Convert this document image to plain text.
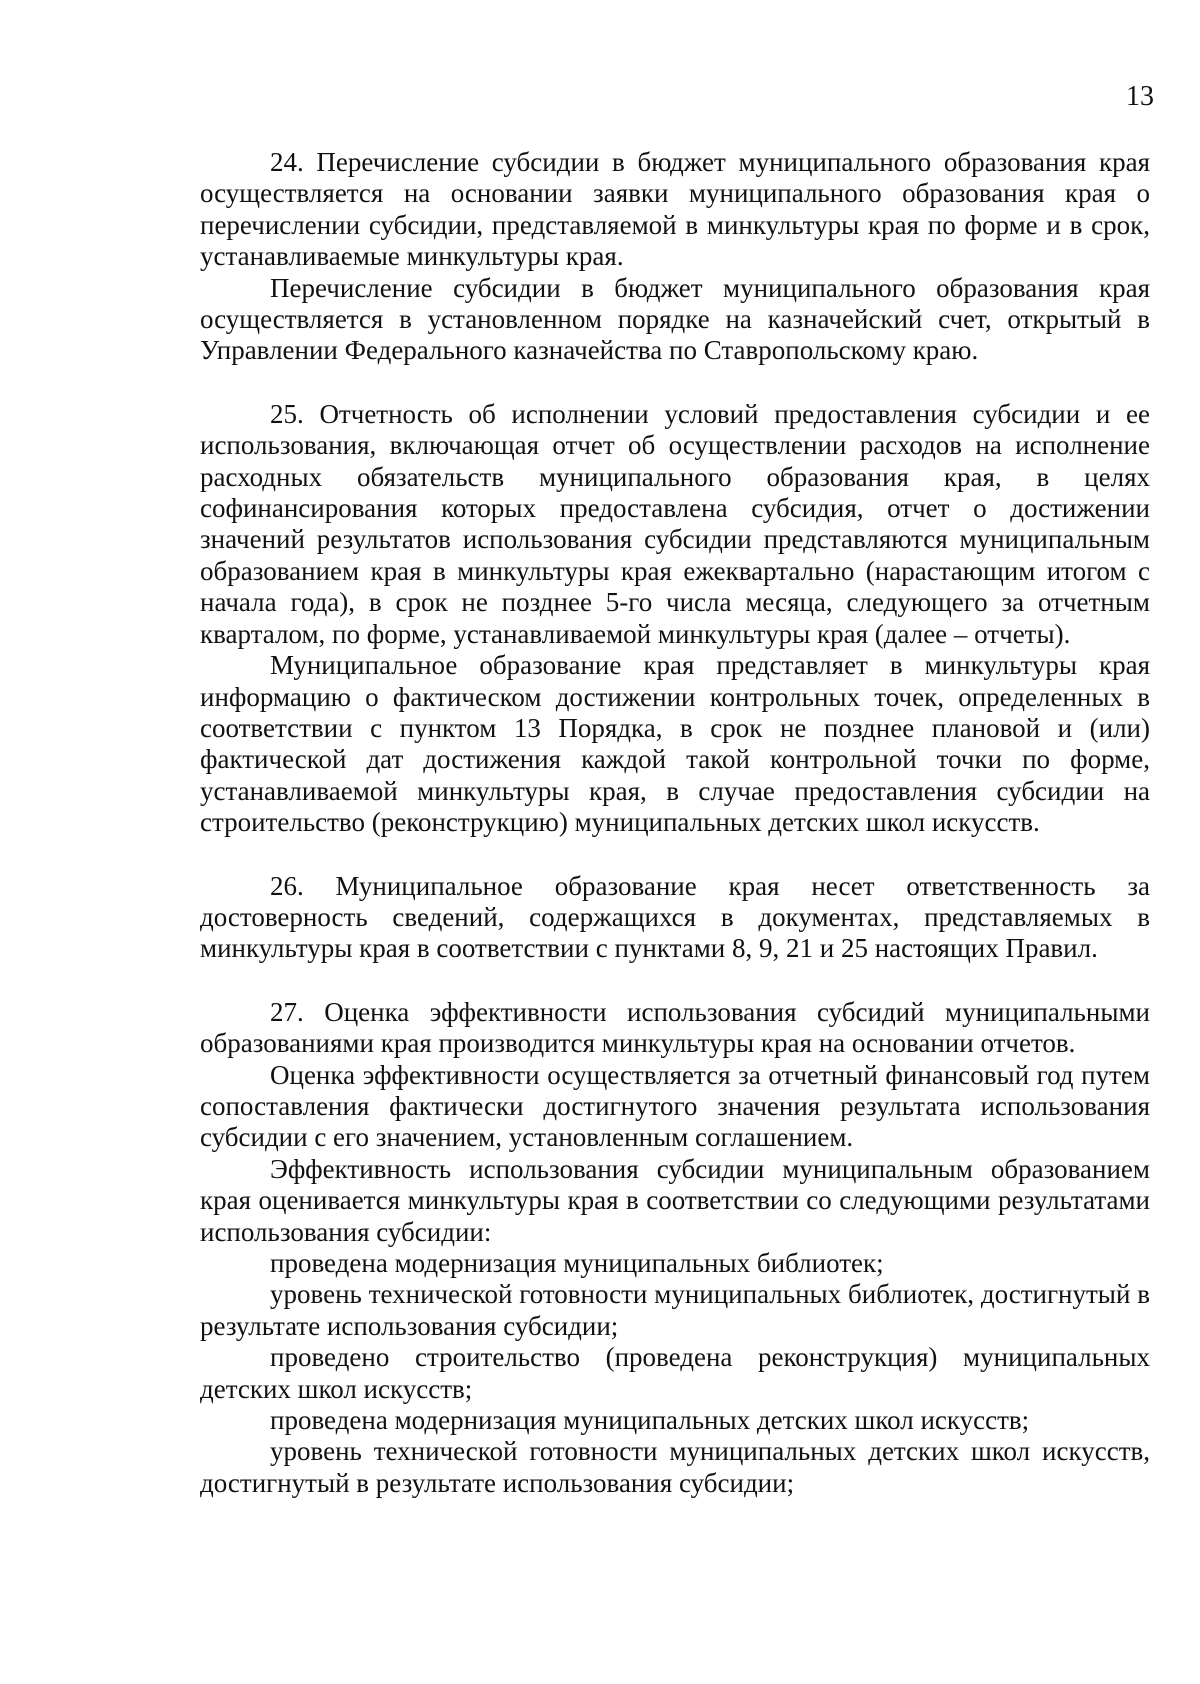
13

24. Перечисление субсидии в бюджет муниципального образования края осуществляется на основании заявки муниципального образования края о перечислении субсидии, представляемой в минкультуры края по форме и в срок, устанавливаемые минкультуры края.

Перечисление субсидии в бюджет муниципального образования края осуществляется в установленном порядке на казначейский счет, открытый в Управлении Федерального казначейства по Ставропольскому краю.

25. Отчетность об исполнении условий предоставления субсидии и ее использования, включающая отчет об осуществлении расходов на исполнение расходных обязательств муниципального образования края, в целях софинансирования которых предоставлена субсидия, отчет о достижении значений результатов использования субсидии представляются муниципальным образованием края в минкультуры края ежеквартально (нарастающим итогом с начала года), в срок не позднее 5-го числа месяца, следующего за отчетным кварталом, по форме, устанавливаемой минкультуры края (далее – отчеты).

Муниципальное образование края представляет в минкультуры края информацию о фактическом достижении контрольных точек, определенных в соответствии с пунктом 13 Порядка, в срок не позднее плановой и (или) фактической дат достижения каждой такой контрольной точки по форме, устанавливаемой минкультуры края, в случае предоставления субсидии на строительство (реконструкцию) муниципальных детских школ искусств.

26. Муниципальное образование края несет ответственность за достоверность сведений, содержащихся в документах, представляемых в минкультуры края в соответствии с пунктами 8, 9, 21 и 25 настоящих Правил.

27. Оценка эффективности использования субсидий муниципальными образованиями края производится минкультуры края на основании отчетов.

Оценка эффективности осуществляется за отчетный финансовый год путем сопоставления фактически достигнутого значения результата использования субсидии с его значением, установленным соглашением.

Эффективность использования субсидии муниципальным образованием края оценивается минкультуры края в соответствии со следующими результатами использования субсидии:

проведена модернизация муниципальных библиотек;

уровень технической готовности муниципальных библиотек, достигнутый в результате использования субсидии;

проведено строительство (проведена реконструкция) муниципальных детских школ искусств;

проведена модернизация муниципальных детских школ искусств;

уровень технической готовности муниципальных детских школ искусств, достигнутый в результате использования субсидии;
